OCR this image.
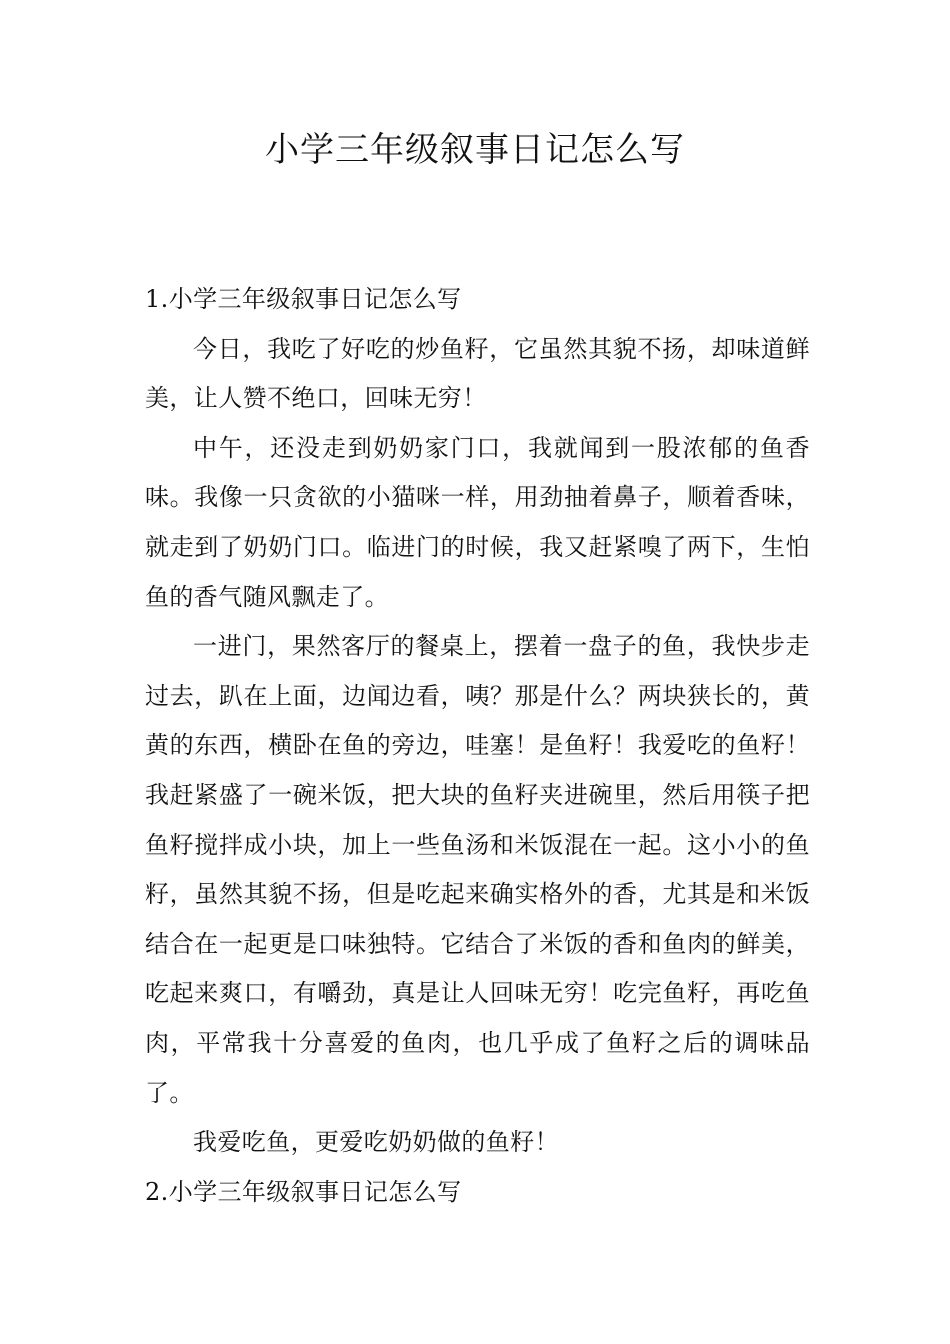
小学三年级叙事日记怎么写

1.小学三年级叙事日记怎么写

今日，我吃了好吃的炒鱼籽，它虽然其貌不扬，却味道鲜美，让人赞不绝口，回味无穷！

中午，还没走到奶奶家门口，我就闻到一股浓郁的鱼香味。我像一只贪欲的小猫咪一样，用劲抽着鼻子，顺着香味，就走到了奶奶门口。临进门的时候，我又赶紧嗅了两下，生怕鱼的香气随风飘走了。

一进门，果然客厅的餐桌上，摆着一盘子的鱼，我快步走过去，趴在上面，边闻边看，咦？那是什么？两块狭长的，黄黄的东西，横卧在鱼的旁边，哇塞！是鱼籽！我爱吃的鱼籽！我赶紧盛了一碗米饭，把大块的鱼籽夹进碗里，然后用筷子把鱼籽搅拌成小块，加上一些鱼汤和米饭混在一起。这小小的鱼籽，虽然其貌不扬，但是吃起来确实格外的香，尤其是和米饭结合在一起更是口味独特。它结合了米饭的香和鱼肉的鲜美，吃起来爽口，有嚼劲，真是让人回味无穷！吃完鱼籽，再吃鱼肉，平常我十分喜爱的鱼肉，也几乎成了鱼籽之后的调味品了。

我爱吃鱼，更爱吃奶奶做的鱼籽！

2.小学三年级叙事日记怎么写
